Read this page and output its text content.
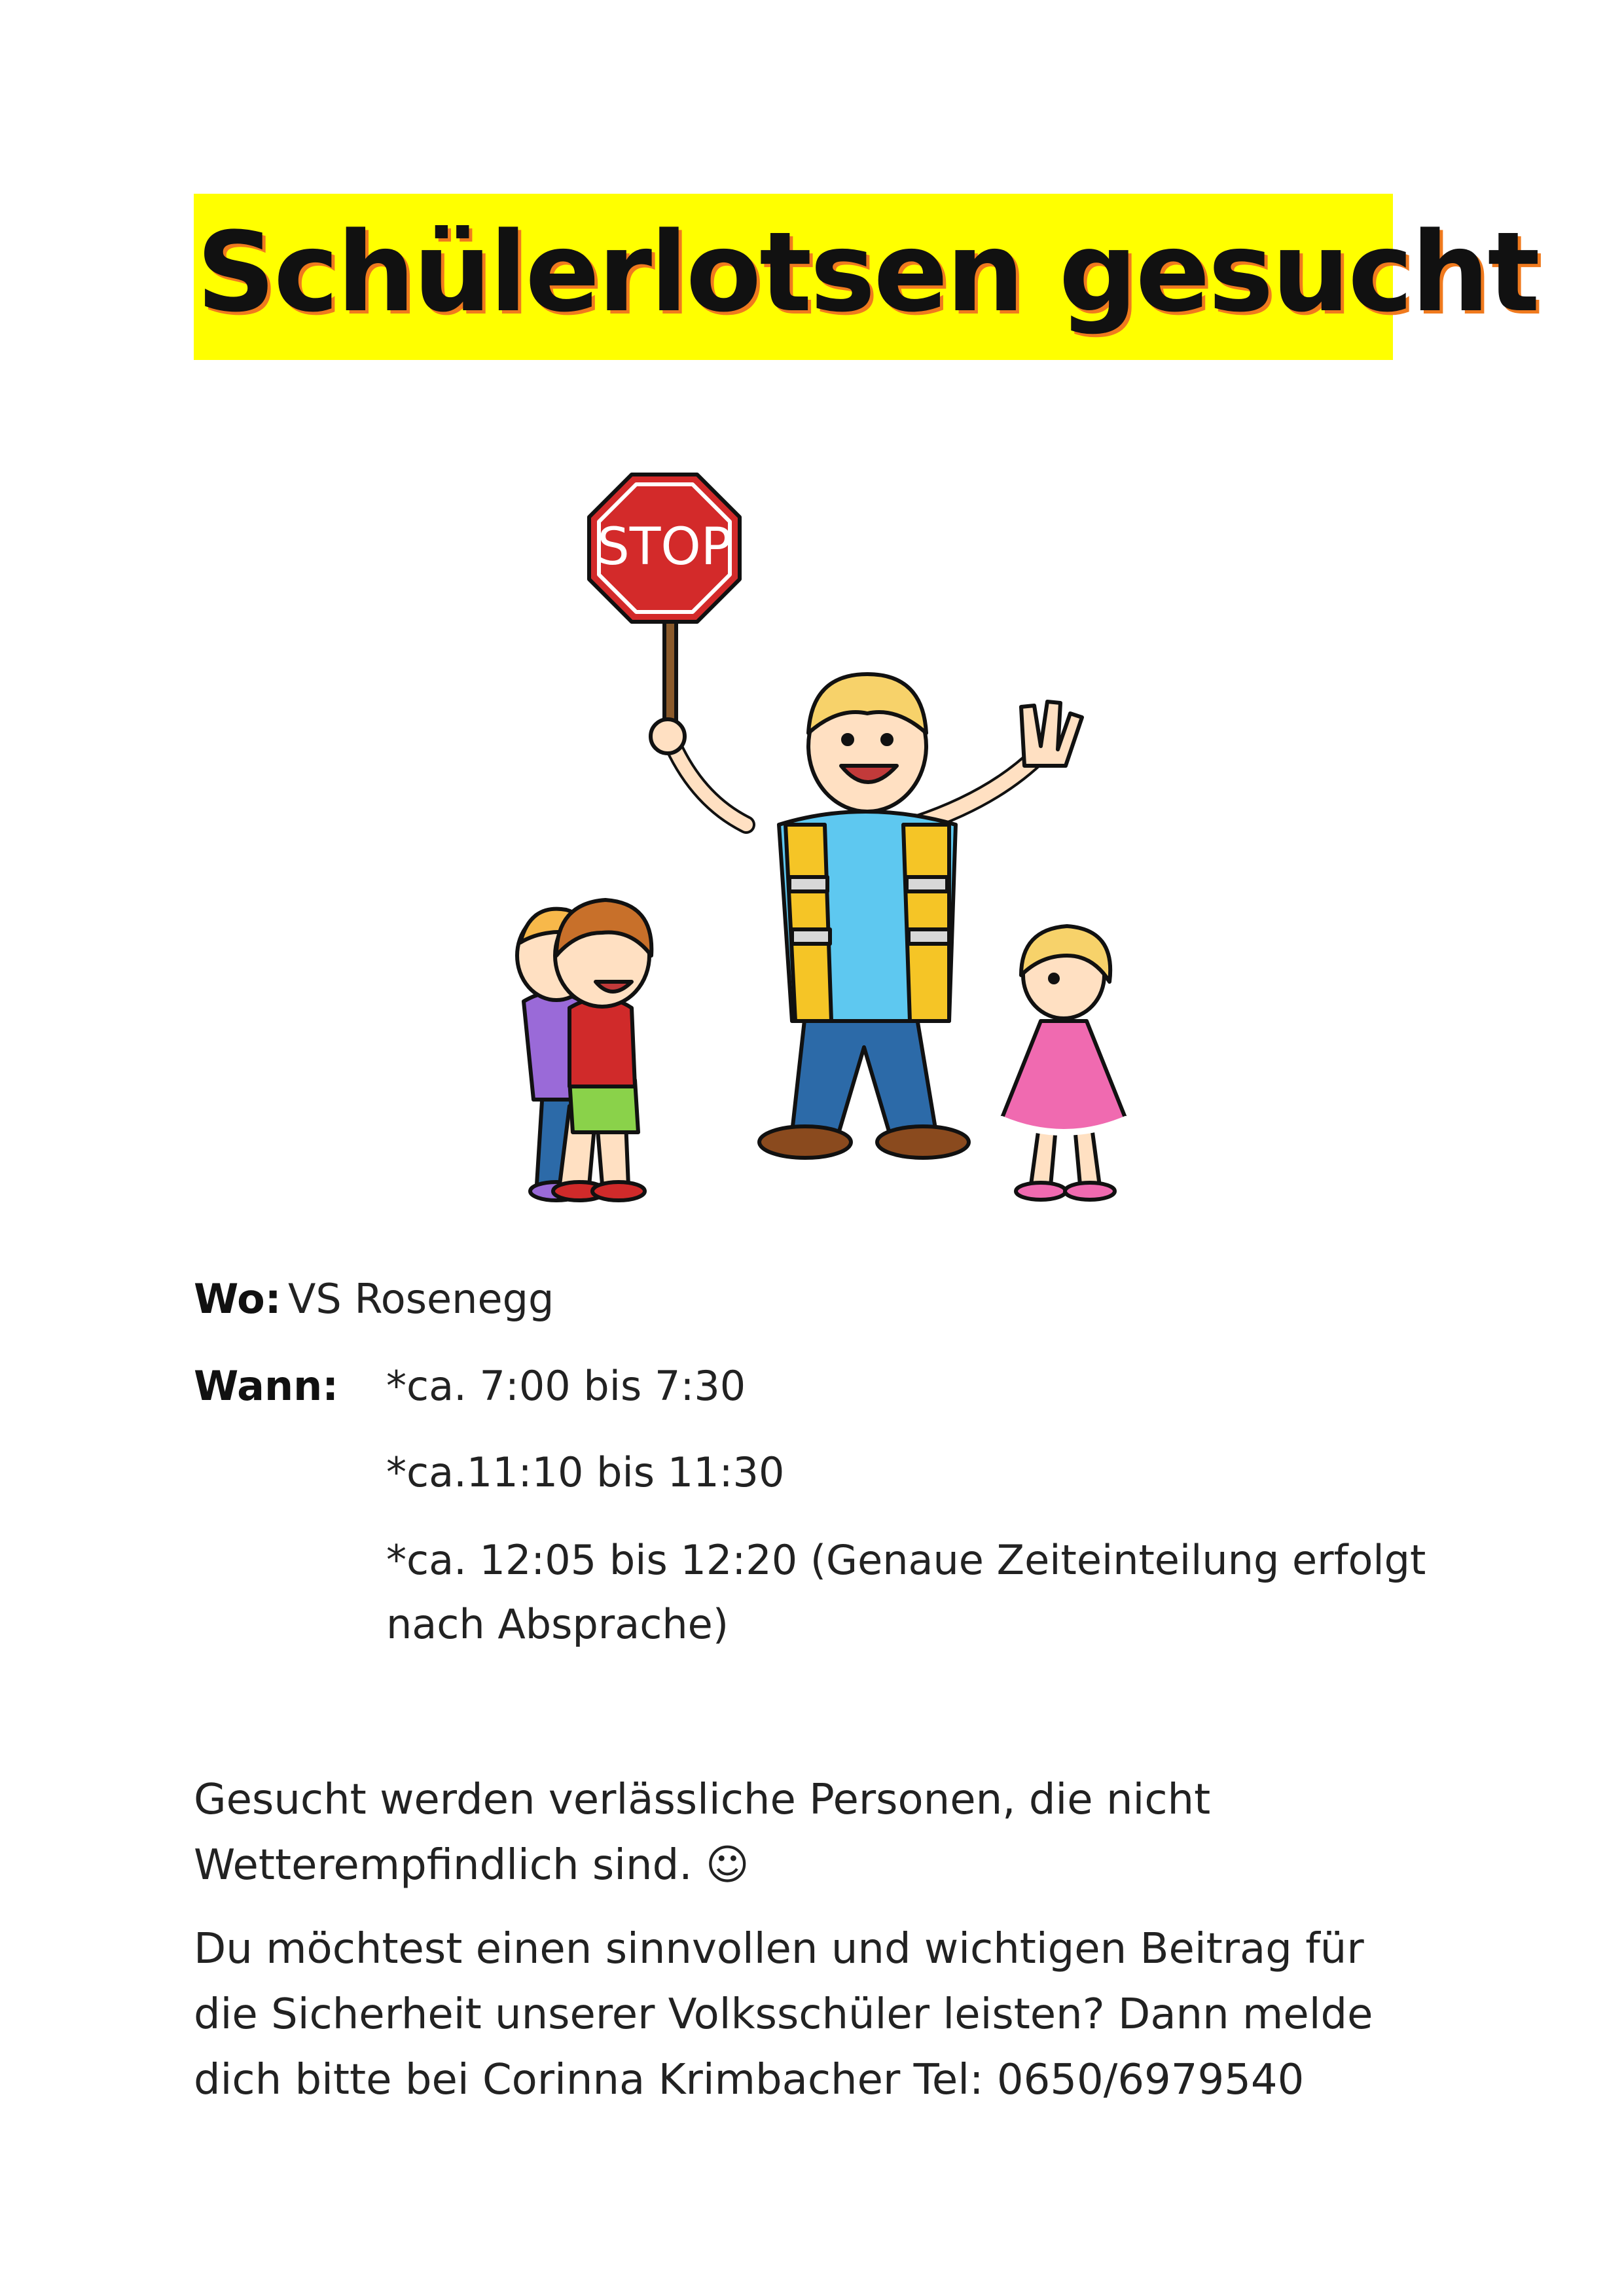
Schülerlotsen gesucht
STOP
Wo: VS Rosenegg
Wann: *ca. 7:00 bis 7:30
*ca.11:10 bis 11:30
*ca. 12:05 bis 12:20 (Genaue Zeiteinteilung erfolgt
nach Absprache)

Gesucht werden verlässliche Personen, die nicht Wetterempfindlich sind. ☺

Du möchtest einen sinnvollen und wichtigen Beitrag für die Sicherheit unserer Volksschüler leisten? Dann melde dich bitte bei Corinna Krimbacher Tel: 0650/6979540
